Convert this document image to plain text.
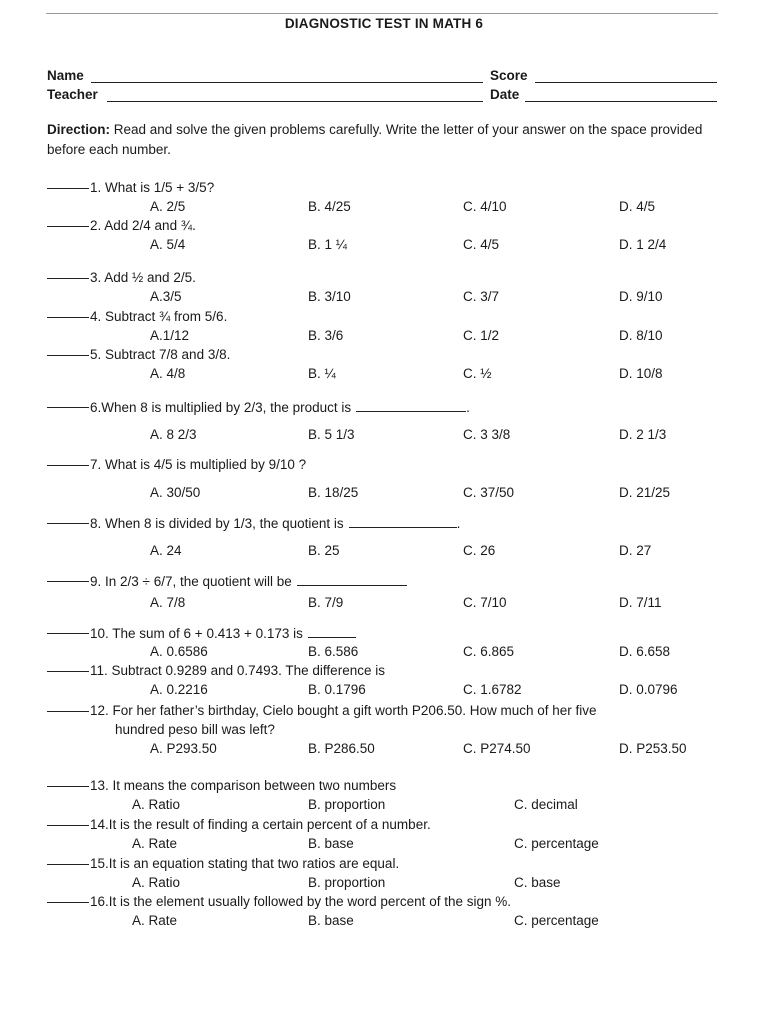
DIAGNOSTIC TEST IN MATH 6
Name
Teacher
Score
Date
Direction: Read and solve the given problems carefully. Write the letter of your answer on the space provided before each number.
1. What is 1/5 + 3/5?
A. 2/5	B. 4/25	C. 4/10	D. 4/5
2. Add 2/4 and ¾.
A. 5/4	B. 1 ¼	C. 4/5	D. 1 2/4
3. Add ½ and 2/5.
A.3/5	B. 3/10	C. 3/7	D. 9/10
4. Subtract ¾ from 5/6.
A.1/12	B. 3/6	C. 1/2	D. 8/10
5. Subtract 7/8 and 3/8.
A. 4/8	B. ¼	C. ½	D. 10/8
6.When 8 is multiplied by 2/3, the product is	.
A. 8 2/3	B. 5 1/3	C. 3 3/8	D. 2 1/3
7. What is 4/5 is multiplied by 9/10 ?
A. 30/50	B. 18/25	C. 37/50	D. 21/25
8. When 8 is divided by 1/3, the quotient is	.
A. 24	B. 25	C. 26	D. 27
9. In 2/3 ÷ 6/7, the quotient will be
A. 7/8	B. 7/9	C. 7/10	D. 7/11
10. The sum of 6 + 0.413 + 0.173 is
A. 0.6586	B. 6.586	C. 6.865	D. 6.658
11. Subtract 0.9289 and 0.7493. The difference is
A. 0.2216	B. 0.1796	C. 1.6782	D. 0.0796
12. For her father’s birthday, Cielo bought a gift worth P206.50. How much of her five
hundred peso bill was left?
A. P293.50	B. P286.50	C. P274.50	D. P253.50
13. It means the comparison between two numbers
A. Ratio	B. proportion	C. decimal
14.It is the result of finding a certain percent of a number.
A. Rate	B. base	C. percentage
15.It is an equation stating that two ratios are equal.
A. Ratio	B. proportion	C. base
16.It is the element usually followed by the word percent of the sign %.
A. Rate	B. base	C. percentage
